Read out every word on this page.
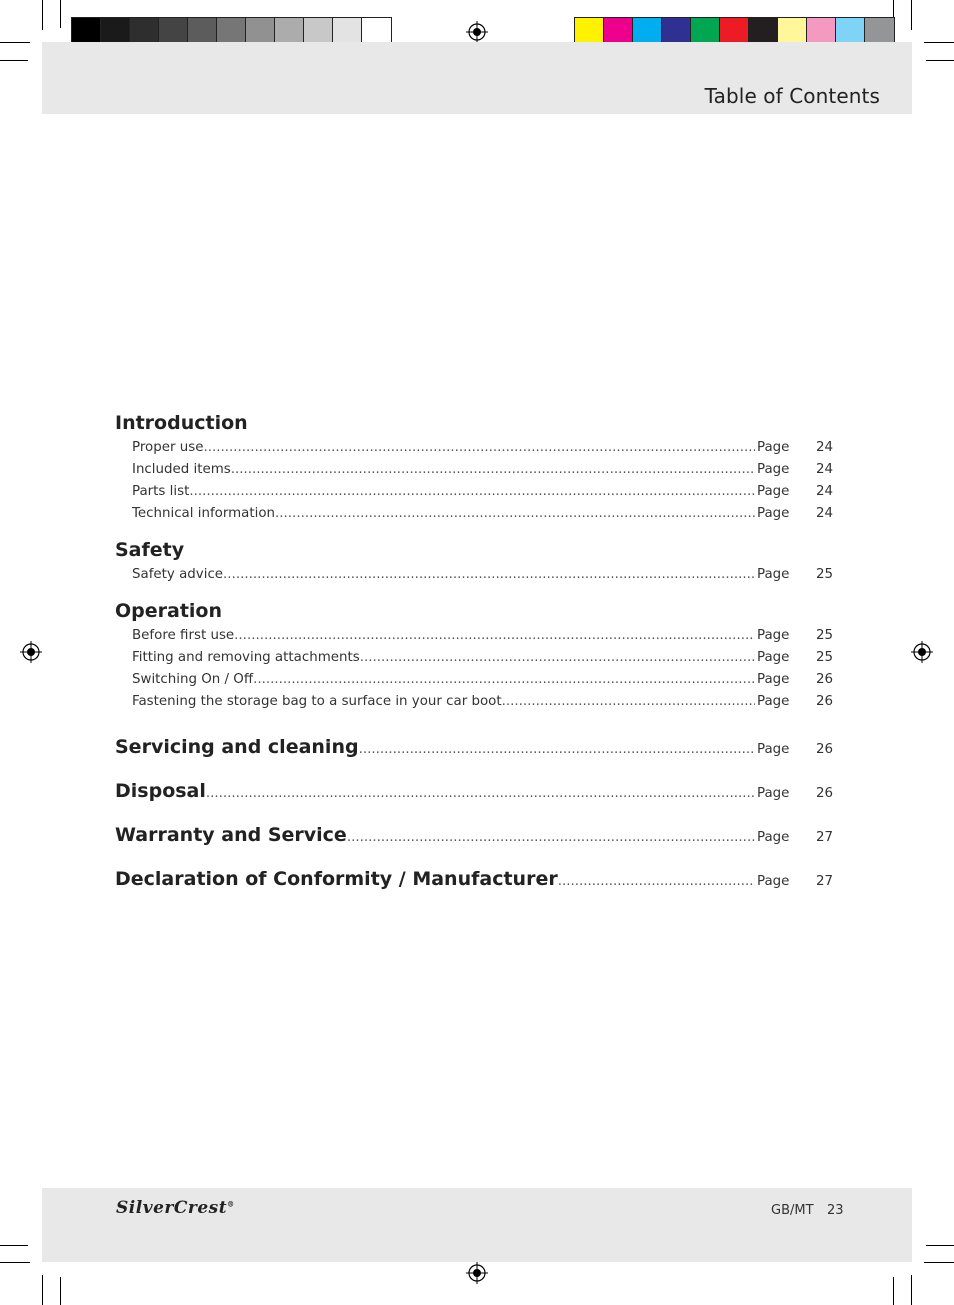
Table of Contents
Introduction
Proper use .....	Page	24
Included items .....	Page	24
Parts list .....	Page	24
Technical information .....	Page	24
Safety
Safety advice .....	Page	25
Operation
Before first use .....	Page	25
Fitting and removing attachments .....	Page	25
Switching On / Off .....	Page	26
Fastening the storage bag to a surface in your car boot .....	Page	26
Servicing and cleaning .....	Page	26
Disposal .....	Page	26
Warranty and Service .....	Page	27
Declaration of Conformity / Manufacturer .....	Page	27
SilverCrest®	GB/MT 23
